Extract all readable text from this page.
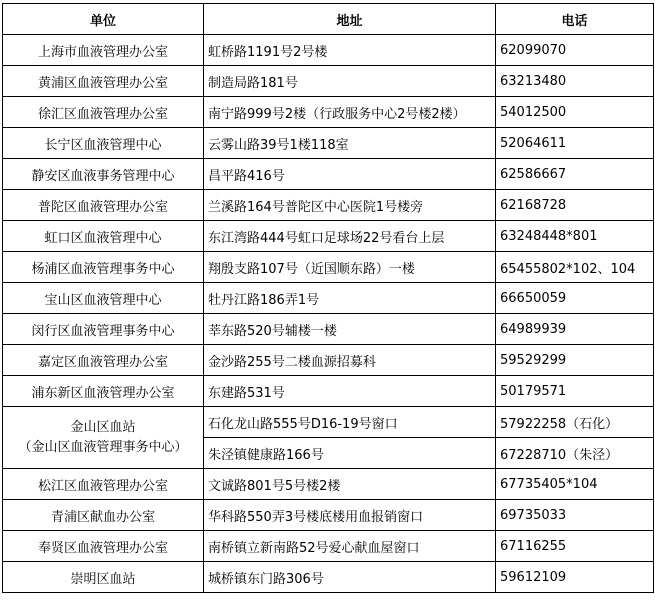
单位	地址	电话
上海市血液管理办公室	虹桥路1191号2号楼	62099070
黄浦区血液管理办公室	制造局路181号	63213480
徐汇区血液管理办公室	南宁路999号2楼（行政服务中心2号楼2楼）	54012500
长宁区血液管理中心	云雾山路39号1楼118室	52064611
静安区血液事务管理中心	昌平路416号	62586667
普陀区血液管理办公室	兰溪路164号普陀区中心医院1号楼旁	62168728
虹口区血液管理中心	东江湾路444号虹口足球场22号看台上层	63248448*801
杨浦区血液管理事务中心	翔殷支路107号（近国顺东路）一楼	65455802*102、104
宝山区血液管理中心	牡丹江路186弄1号	66650059
闵行区血液管理事务中心	莘东路520号辅楼一楼	64989939
嘉定区血液管理办公室	金沙路255号二楼血源招募科	59529299
浦东新区血液管理办公室	东建路531号	50179571

金山区血站
（金山区血液管理事务中心）	石化龙山路555号D16-19号窗口	57922258（石化）
	朱泾镇健康路166号	67228710（朱泾）
松江区血液管理办公室	文诚路801号5号楼2楼	67735405*104
青浦区献血办公室	华科路550弄3号楼底楼用血报销窗口	69735033
奉贤区血液管理办公室	南桥镇立新南路52号爱心献血屋窗口	67116255
崇明区血站	城桥镇东门路306号	59612109
